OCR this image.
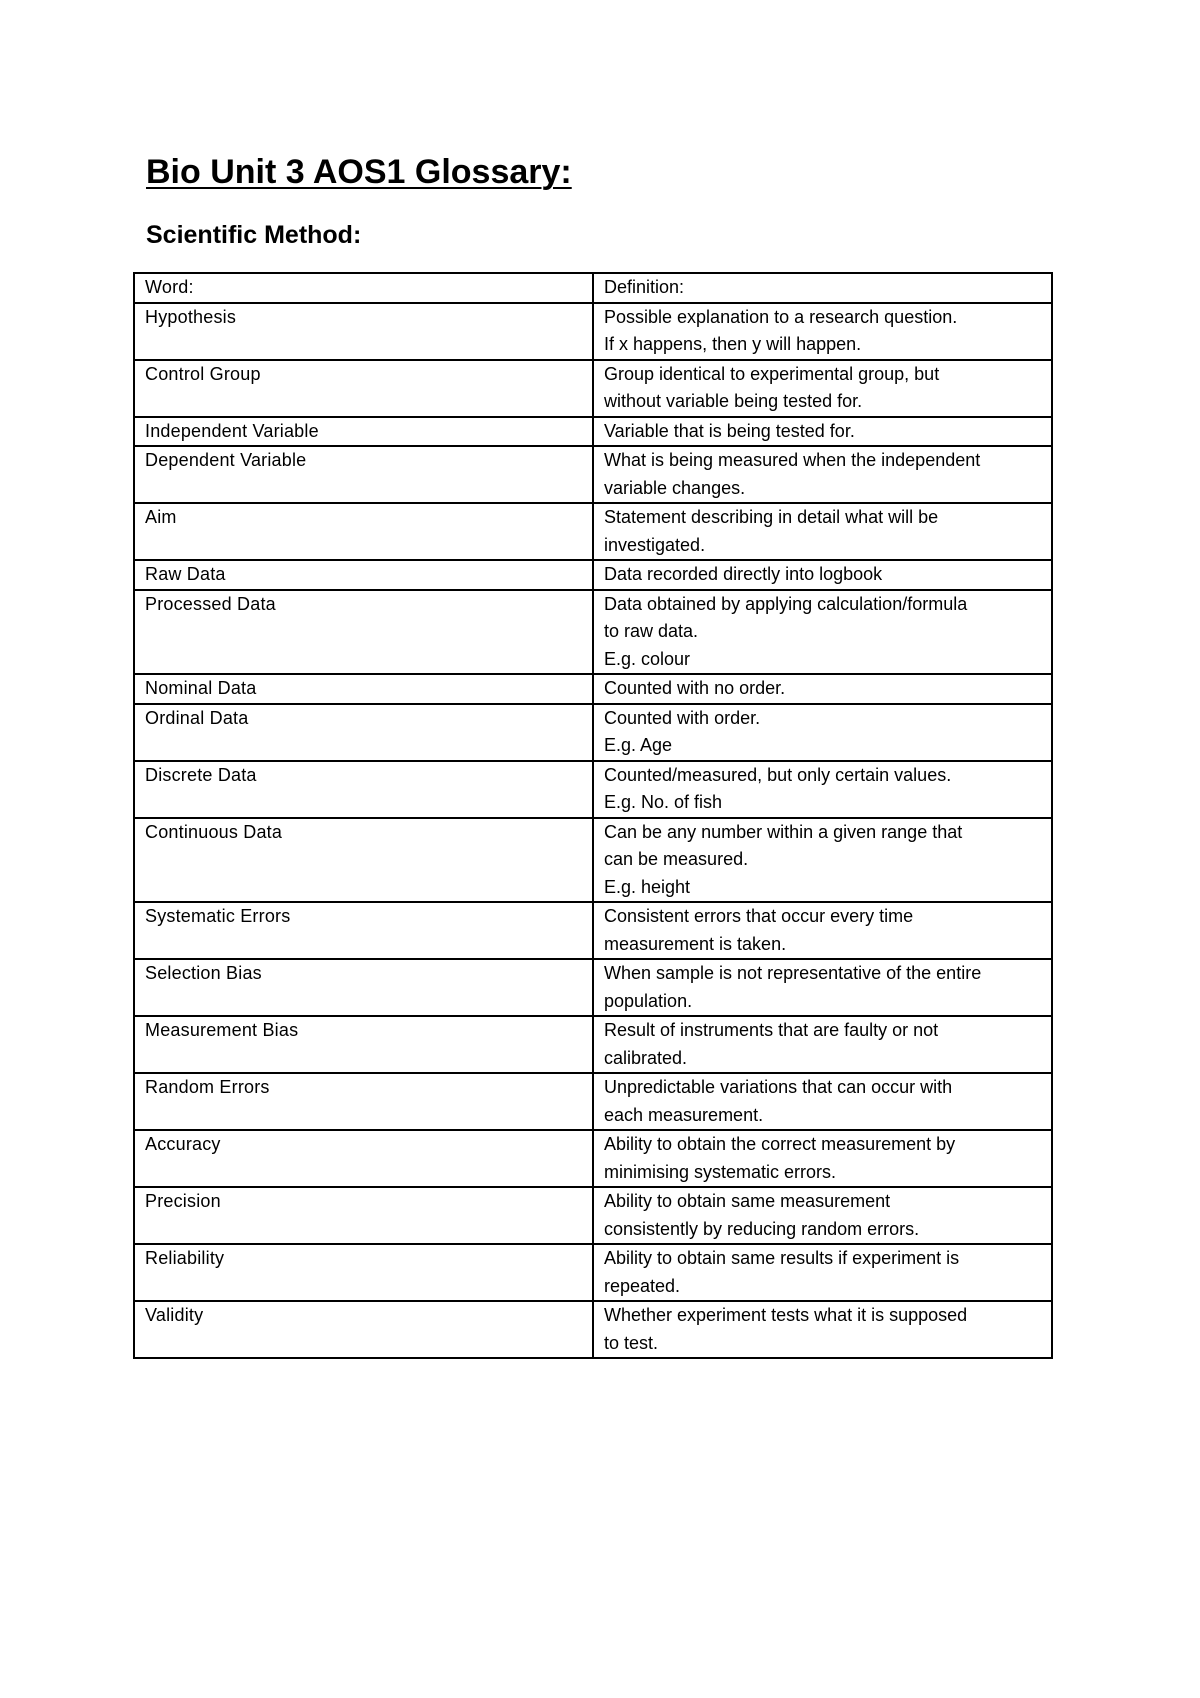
Bio Unit 3 AOS1 Glossary:
Scientific Method:
Word:	Definition:
Hypothesis	Possible explanation to a research question.
If x happens, then y will happen.
Control Group	Group identical to experimental group, but
without variable being tested for.
Independent Variable	Variable that is being tested for.
Dependent Variable	What is being measured when the independent
variable changes.
Aim	Statement describing in detail what will be
investigated.
Raw Data	Data recorded directly into logbook
Processed Data	Data obtained by applying calculation/formula
to raw data.
E.g. colour
Nominal Data	Counted with no order.
Ordinal Data	Counted with order.
E.g. Age
Discrete Data	Counted/measured, but only certain values.
E.g. No. of fish
Continuous Data	Can be any number within a given range that
can be measured.
E.g. height
Systematic Errors	Consistent errors that occur every time
measurement is taken.
Selection Bias	When sample is not representative of the entire
population.
Measurement Bias	Result of instruments that are faulty or not
calibrated.
Random Errors	Unpredictable variations that can occur with
each measurement.
Accuracy	Ability to obtain the correct measurement by
minimising systematic errors.
Precision	Ability to obtain same measurement
consistently by reducing random errors.
Reliability	Ability to obtain same results if experiment is
repeated.
Validity	Whether experiment tests what it is supposed
to test.
